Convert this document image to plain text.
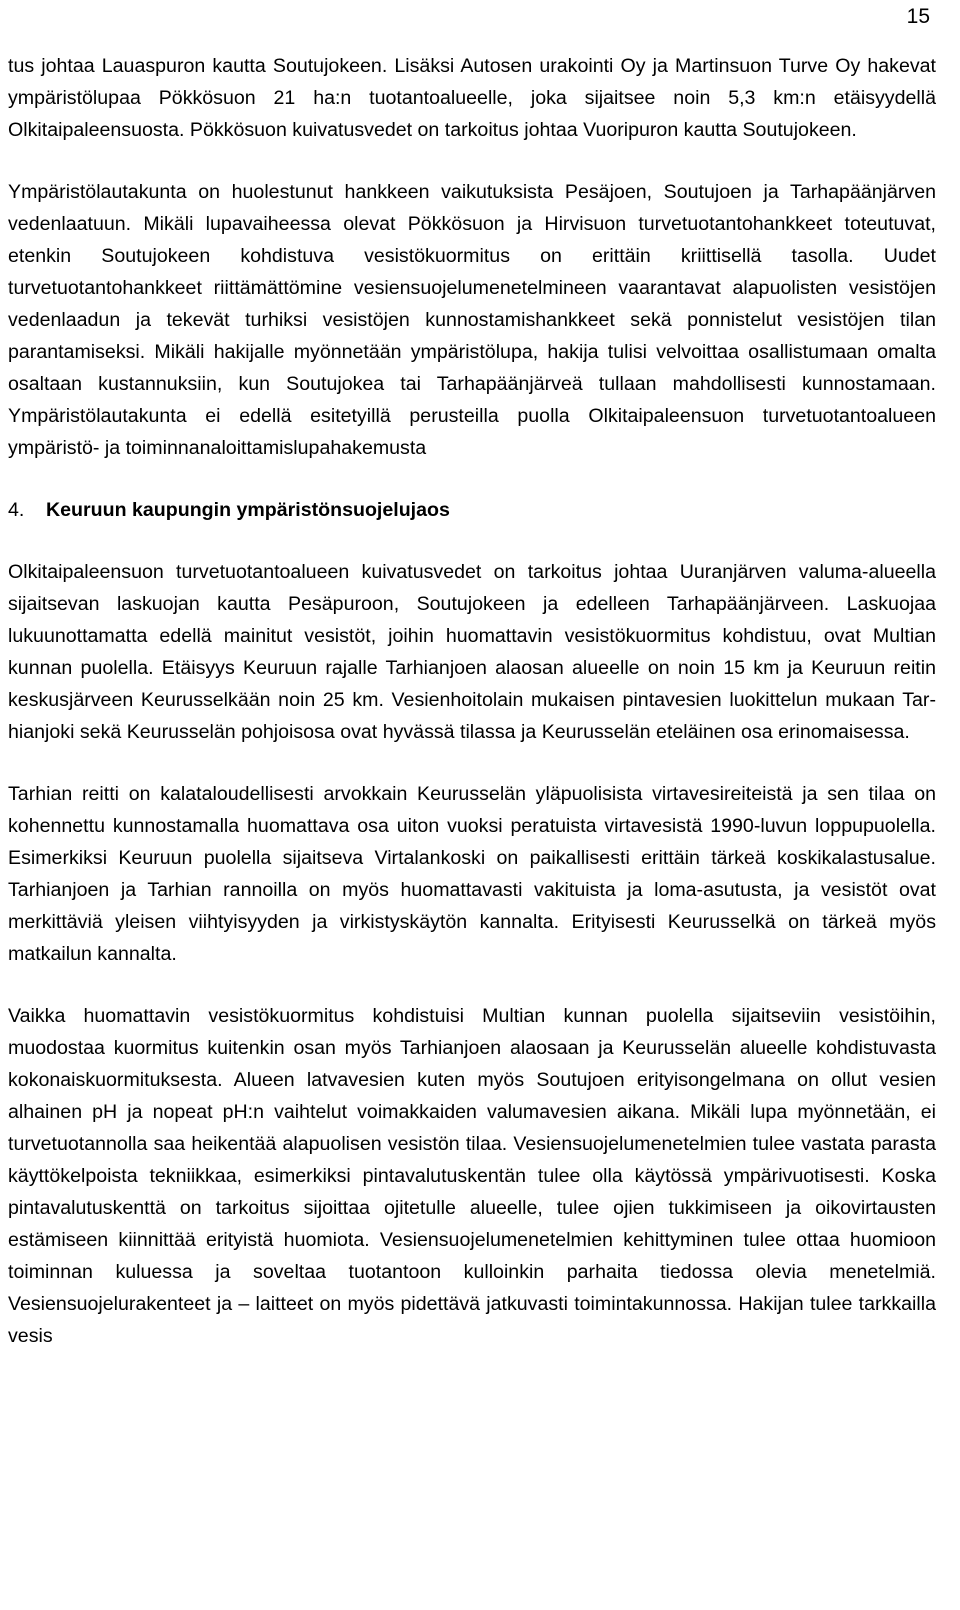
15

tus johtaa Lauaspuron kautta Soutujokeen. Lisäksi Autosen urakointi Oy ja Martinsuon Turve Oy hakevat ympäristölupaa Pökkösuon 21 ha:n tuotantoalueelle, joka sijaitsee noin 5,3 km:n etäisyydellä Olkitaipaleensuosta. Pökkösuon kuivatusvedet on tarkoitus johtaa Vuoripuron kautta Soutujokeen.

Ympäristölautakunta on huolestunut hankkeen vaikutuksista Pesäjoen, Soutujoen ja Tarhapäänjärven vedenlaatuun. Mikäli lupavaiheessa olevat Pökkösuon ja Hirvisuon turvetuotantohankkeet toteutuvat, etenkin Soutujokeen kohdistuva vesistökuormitus on erittäin kriittisellä tasolla. Uudet turvetuotantohankkeet riittämättömine vesiensuojelumenetelmineen vaarantavat alapuolisten vesistöjen vedenlaadun ja tekevät turhiksi vesistöjen kunnostamishankkeet sekä ponnistelut vesistöjen tilan parantamiseksi. Mikäli hakijalle myönnetään ympäristölupa, hakija tulisi velvoittaa osallistumaan omalta osaltaan kustannuksiin, kun Soutujokea tai Tarhapäänjärveä tullaan mahdollisesti kunnostamaan. Ympäristölautakunta ei edellä esitetyillä perusteilla puolla Olkitaipaleensuon turvetuotantoalueen ympäristö- ja toiminnanaloittamislupahakemusta

4.	Keuruun kaupungin ympäristönsuojelujaos

Olkitaipaleensuon turvetuotantoalueen kuivatusvedet on tarkoitus johtaa Uuranjärven valuma-alueella sijaitsevan laskuojan kautta Pesäpuroon, Soutujokeen ja edelleen Tarhapäänjärveen. Laskuojaa lukuunottamatta edellä mainitut vesistöt, joihin huomattavin vesistökuormitus kohdistuu, ovat Multian kunnan puolella. Etäisyys Keuruun rajalle Tarhianjoen alaosan alueelle on noin 15 km ja Keuruun reitin keskusjärveen Keurusselkään noin 25 km. Vesienhoitolain mukaisen pintavesien luokittelun mukaan Tarhianjoki sekä Keurusselän pohjoisosa ovat hyvässä tilassa ja Keurusselän eteläinen osa erinomaisessa.

Tarhian reitti on kalataloudellisesti arvokkain Keurusselän yläpuolisista virtavesireiteistä ja sen tilaa on kohennettu kunnostamalla huomattava osa uiton vuoksi peratuista virtavesistä 1990-luvun loppupuolella. Esimerkiksi Keuruun puolella sijaitseva Virtalankoski on paikallisesti erittäin tärkeä koskikalastusalue. Tarhianjoen ja Tarhian rannoilla on myös huomattavasti vakituista ja loma-asutusta, ja vesistöt ovat merkittäviä yleisen viihtyisyyden ja virkistyskäytön kannalta. Erityisesti Keurusselkä on tärkeä myös matkailun kannalta.

Vaikka huomattavin vesistökuormitus kohdistuisi Multian kunnan puolella sijaitseviin vesistöihin, muodostaa kuormitus kuitenkin osan myös Tarhianjoen alaosaan ja Keurusselän alueelle kohdistuvasta kokonaiskuormituksesta. Alueen latvavesien kuten myös Soutujoen erityisongelmana on ollut vesien alhainen pH ja nopeat pH:n vaihtelut voimakkaiden valumavesien aikana. Mikäli lupa myönnetään, ei turvetuotannolla saa heikentää alapuolisen vesistön tilaa. Vesiensuojelumenetelmien tulee vastata parasta käyttökelpoista tekniikkaa, esimerkiksi pintavalutuskentän tulee olla käytössä ympärivuotisesti. Koska pintavalutuskenttä on tarkoitus sijoittaa ojitetulle alueelle, tulee ojien tukkimiseen ja oikovirtausten estämiseen kiinnittää erityistä huomiota. Vesiensuojelumenetelmien kehittyminen tulee ottaa huomioon toiminnan kuluessa ja soveltaa tuotantoon kulloinkin parhaita tiedossa olevia menetelmiä. Vesiensuojelurakenteet ja – laitteet on myös pidettävä jatkuvasti toimintakunnossa. Hakijan tulee tarkkailla vesis
